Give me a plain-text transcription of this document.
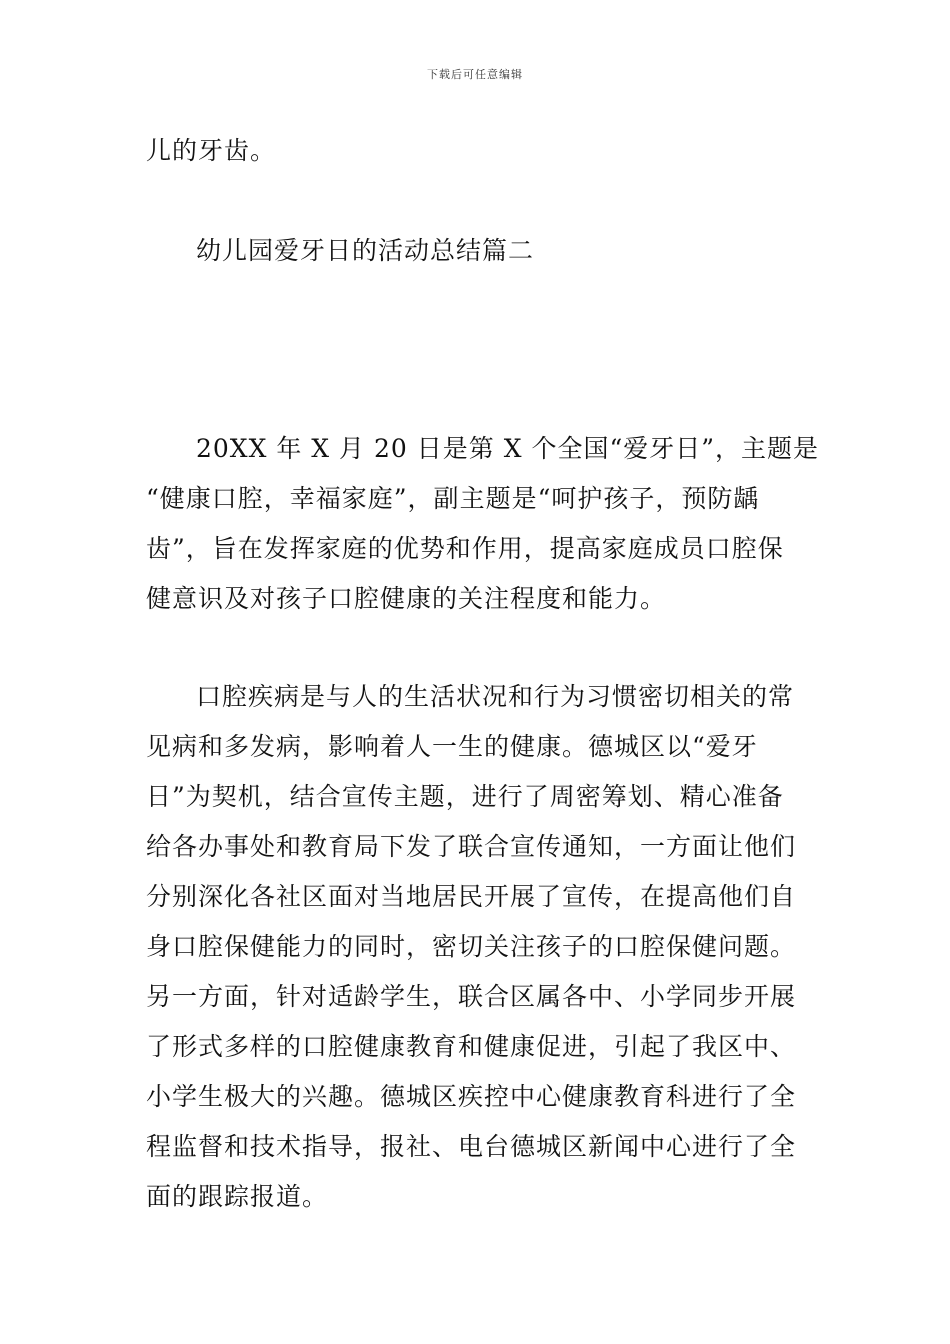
下载后可任意编辑
儿的牙齿。
幼儿园爱牙日的活动总结篇二
20XX 年 X 月 20 日是第 X 个全国“爱牙日”，主题是
“健康口腔，幸福家庭”，副主题是“呵护孩子，预防龋
齿”，旨在发挥家庭的优势和作用，提高家庭成员口腔保
健意识及对孩子口腔健康的关注程度和能力。
口腔疾病是与人的生活状况和行为习惯密切相关的常
见病和多发病，影响着人一生的健康。德城区以“爱牙
日”为契机，结合宣传主题，进行了周密筹划、精心准备
给各办事处和教育局下发了联合宣传通知，一方面让他们
分别深化各社区面对当地居民开展了宣传，在提高他们自
身口腔保健能力的同时，密切关注孩子的口腔保健问题。
另一方面，针对适龄学生，联合区属各中、小学同步开展
了形式多样的口腔健康教育和健康促进，引起了我区中、
小学生极大的兴趣。德城区疾控中心健康教育科进行了全
程监督和技术指导，报社、电台德城区新闻中心进行了全
面的跟踪报道。
